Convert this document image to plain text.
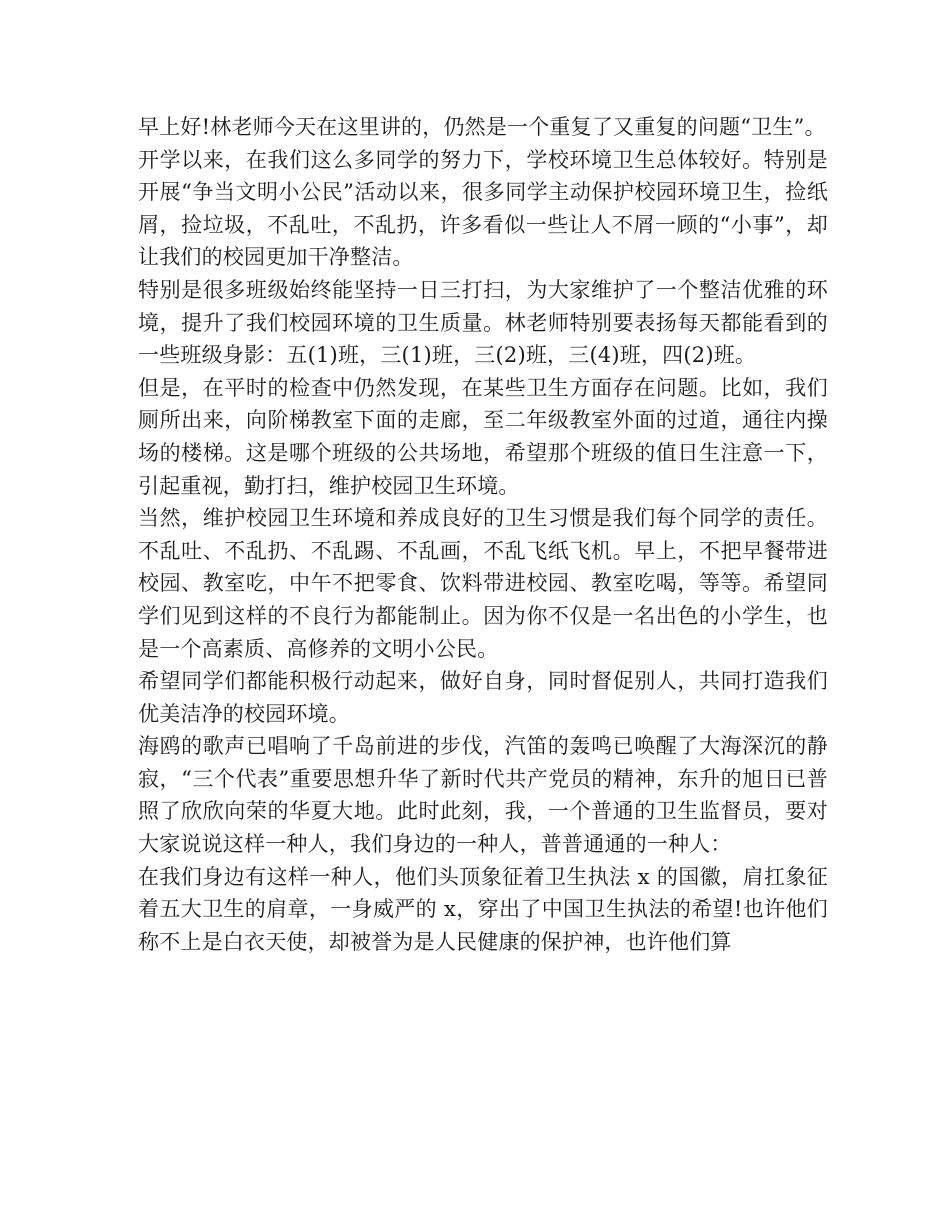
早上好!林老师今天在这里讲的，仍然是一个重复了又重复的问题“卫生”。

开学以来，在我们这么多同学的努力下，学校环境卫生总体较好。特别是开展“争当文明小公民”活动以来，很多同学主动保护校园环境卫生，捡纸屑，捡垃圾，不乱吐，不乱扔，许多看似一些让人不屑一顾的“小事”，却让我们的校园更加干净整洁。

特别是很多班级始终能坚持一日三打扫，为大家维护了一个整洁优雅的环境，提升了我们校园环境的卫生质量。林老师特别要表扬每天都能看到的一些班级身影：五(1)班，三(1)班，三(2)班，三(4)班，四(2)班。

但是，在平时的检查中仍然发现，在某些卫生方面存在问题。比如，我们厕所出来，向阶梯教室下面的走廊，至二年级教室外面的过道，通往内操场的楼梯。这是哪个班级的公共场地，希望那个班级的值日生注意一下，引起重视，勤打扫，维护校园卫生环境。

当然，维护校园卫生环境和养成良好的卫生习惯是我们每个同学的责任。不乱吐、不乱扔、不乱踢、不乱画，不乱飞纸飞机。早上，不把早餐带进校园、教室吃，中午不把零食、饮料带进校园、教室吃喝，等等。希望同学们见到这样的不良行为都能制止。因为你不仅是一名出色的小学生，也是一个高素质、高修养的文明小公民。

希望同学们都能积极行动起来，做好自身，同时督促别人，共同打造我们优美洁净的校园环境。

海鸥的歌声已唱响了千岛前进的步伐，汽笛的轰鸣已唤醒了大海深沉的静寂，“三个代表”重要思想升华了新时代共产党员的精神，东升的旭日已普照了欣欣向荣的华夏大地。此时此刻，我，一个普通的卫生监督员，要对大家说说这样一种人，我们身边的一种人，普普通通的一种人：

在我们身边有这样一种人，他们头顶象征着卫生执法 x 的国徽，肩扛象征着五大卫生的肩章，一身威严的 x，穿出了中国卫生执法的希望!也许他们称不上是白衣天使，却被誉为是人民健康的保护神，也许他们算
